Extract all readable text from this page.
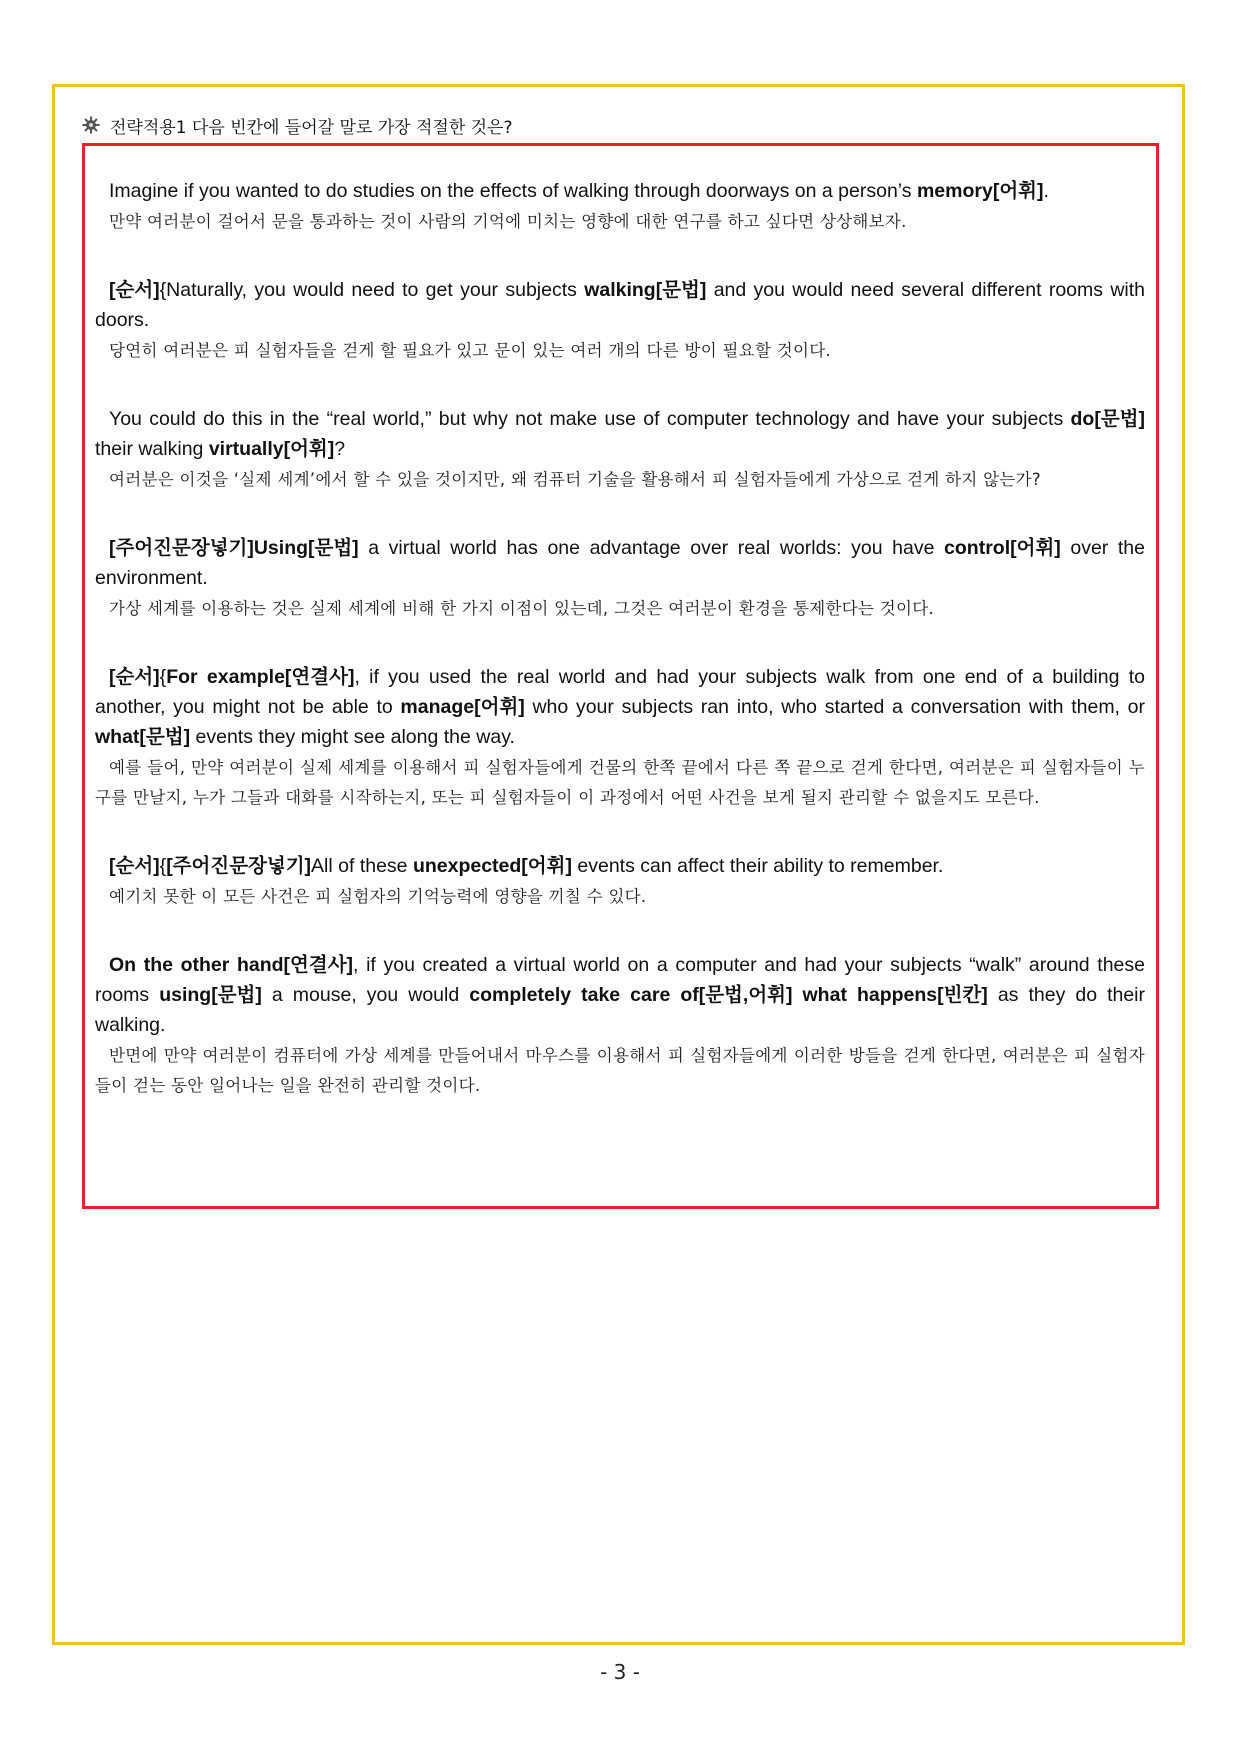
전략적용1 다음 빈칸에 들어갈 말로 가장 적절한 것은?

Imagine if you wanted to do studies on the effects of walking through doorways on a person’s memory[어휘].

만약 여러분이 걸어서 문을 통과하는 것이 사람의 기억에 미치는 영향에 대한 연구를 하고 싶다면 상상해보자.

[순서]{Naturally, you would need to get your subjects walking[문법] and you would need several different rooms with doors.

당연히 여러분은 피 실험자들을 걷게 할 필요가 있고 문이 있는 여러 개의 다른 방이 필요할 것이다.

You could do this in the “real world,” but why not make use of computer technology and have your subjects do[문법] their walking virtually[어휘]?

여러분은 이것을 ‘실제 세계’에서 할 수 있을 것이지만, 왜 컴퓨터 기술을 활용해서 피 실험자들에게 가상으로 걷게 하지 않는가?

[주어진문장넣기]Using[문법] a virtual world has one advantage over real worlds: you have control[어휘] over the environment.

가상 세계를 이용하는 것은 실제 세계에 비해 한 가지 이점이 있는데, 그것은 여러분이 환경을 통제한다는 것이다.

[순서]{For example[연결사], if you used the real world and had your subjects walk from one end of a building to another, you might not be able to manage[어휘] who your subjects ran into, who started a conversation with them, or what[문법] events they might see along the way.

예를 들어, 만약 여러분이 실제 세계를 이용해서 피 실험자들에게 건물의 한쪽 끝에서 다른 쪽 끝으로 걷게 한다면, 여러분은 피 실험자들이 누구를 만날지, 누가 그들과 대화를 시작하는지, 또는 피 실험자들이 이 과정에서 어떤 사건을 보게 될지 관리할 수 없을지도 모른다.

[순서]{[주어진문장넣기]All of these unexpected[어휘] events can affect their ability to remember.

예기치 못한 이 모든 사건은 피 실험자의 기억능력에 영향을 끼칠 수 있다.

On the other hand[연결사], if you created a virtual world on a computer and had your subjects “walk” around these rooms using[문법] a mouse, you would completely take care of[문법,어휘] what happens[빈칸] as they do their walking.

반면에 만약 여러분이 컴퓨터에 가상 세계를 만들어내서 마우스를 이용해서 피 실험자들에게 이러한 방들을 걷게 한다면, 여러분은 피 실험자들이 걷는 동안 일어나는 일을 완전히 관리할 것이다.

- 3 -
